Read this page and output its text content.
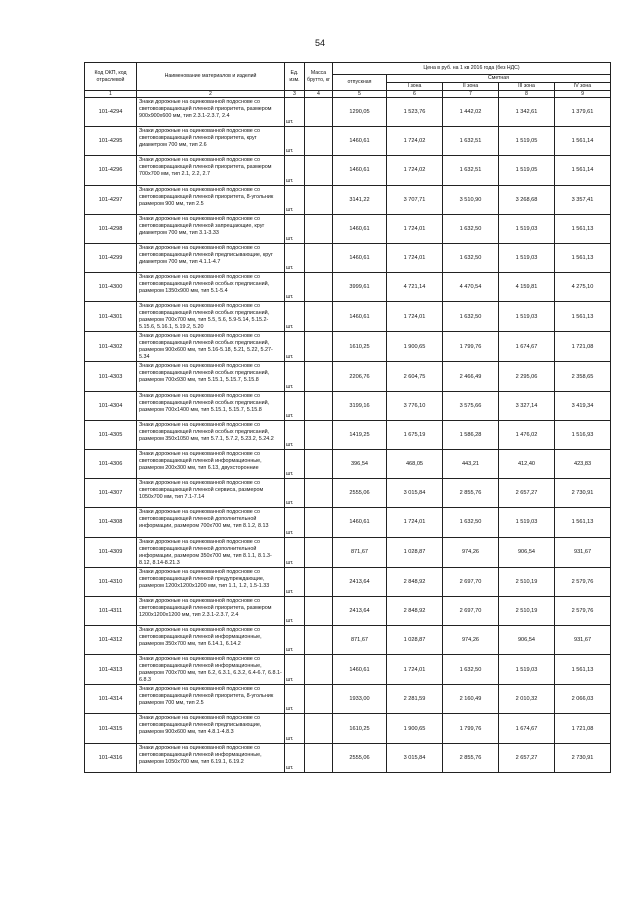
54
Код ОКП, код отраслевой	Наименование материалов и изделий	Ед. изм.	Масса брутто, кг	Цена в руб. на 1 кв 2016 года (без НДС)				
				отпускная	Сметная			
					I зона	II зона	III зона	IV зона
1	2	3	4	5	6	7	8	9
101-4294	Знаки дорожные на оцинкованной подоснове со световозвращающей пленкой приоритета, размером 900х900х600 мм, тип 2.3.1-2.3.7, 2.4	шт.		1290,05	1 523,76	1 442,02	1 342,61	1 379,61
101-4295	Знаки дорожные на оцинкованной подоснове со световозвращающей пленкой приоритета, круг диаметром 700 мм, тип 2.6	шт.		1460,61	1 724,02	1 632,51	1 519,05	1 561,14
101-4296	Знаки дорожные на оцинкованной подоснове со световозвращающей пленкой приоритета, размером 700х700 мм, тип 2.1, 2.2, 2.7	шт.		1460,61	1 724,02	1 632,51	1 519,05	1 561,14
101-4297	Знаки дорожные на оцинкованной подоснове со световозвращающей пленкой приоритета, 8-угольник размером 900 мм, тип 2.5	шт.		3141,22	3 707,71	3 510,90	3 268,68	3 357,41
101-4298	Знаки дорожные на оцинкованной подоснове со световозвращающей пленкой запрещающие, круг диаметром 700 мм, тип 3.1-3.33	шт.		1460,61	1 724,01	1 632,50	1 519,03	1 561,13
101-4299	Знаки дорожные на оцинкованной подоснове со световозвращающей пленкой предписывающие, круг диаметром 700 мм, тип 4.1.1-4.7	шт.		1460,61	1 724,01	1 632,50	1 519,03	1 561,13
101-4300	Знаки дорожные на оцинкованной подоснове со световозвращающей пленкой особых предписаний, размером 1350х900 мм, тип 5.1-5.4	шт.		3999,61	4 721,14	4 470,54	4 159,81	4 275,10
101-4301	Знаки дорожные на оцинкованной подоснове со световозвращающей пленкой особых предписаний, размером 700х700 мм, тип 5.5, 5.6, 5.9-5.14, 5.15.2-5.15.6, 5.16.1, 5.19.2, 5.20	шт.		1460,61	1 724,01	1 632,50	1 519,03	1 561,13
101-4302	Знаки дорожные на оцинкованной подоснове со световозвращающей пленкой особых предписаний, размером 900х600 мм, тип 5.16-5.18, 5.21, 5.22, 5.27-5.34	шт.		1610,25	1 900,65	1 799,76	1 674,67	1 721,08
101-4303	Знаки дорожные на оцинкованной подоснове со световозвращающей пленкой особых предписаний, размером 700х930 мм, тип 5.15.1, 5.15.7, 5.15.8	шт.		2206,76	2 604,75	2 466,49	2 295,06	2 358,65
101-4304	Знаки дорожные на оцинкованной подоснове со световозвращающей пленкой особых предписаний, размером 700х1400 мм, тип 5.15.1, 5.15.7, 5.15.8	шт.		3199,16	3 776,10	3 575,66	3 327,14	3 419,34
101-4305	Знаки дорожные на оцинкованной подоснове со световозвращающей пленкой особых предписаний, размером 350х1050 мм, тип 5.7.1, 5.7.2, 5.23.2, 5.24.2	шт.		1419,25	1 675,19	1 586,28	1 476,02	1 516,93
101-4306	Знаки дорожные на оцинкованной подоснове со световозвращающей пленкой информационные, размером 200х300 мм, тип 6.13, двухсторонние	шт.		396,54	468,05	443,21	412,40	423,83
101-4307	Знаки дорожные на оцинкованной подоснове со световозвращающей пленкой сервиса, размером 1050х700 мм, тип 7.1-7.14	шт.		2555,06	3 015,84	2 855,76	2 657,27	2 730,91
101-4308	Знаки дорожные на оцинкованной подоснове со световозвращающей пленкой дополнительной информации, размером 700х700 мм, тип 8.1.2, 8.13	шт.		1460,61	1 724,01	1 632,50	1 519,03	1 561,13
101-4309	Знаки дорожные на оцинкованной подоснове со световозвращающей пленкой дополнительной информации, размером 350х700 мм, тип 8.1.1, 8.1.3-8.12, 8.14-8.21.3	шт.		871,67	1 028,87	974,26	906,54	931,67
101-4310	Знаки дорожные на оцинкованной подоснове со световозвращающей пленкой предупреждающие, размером 1200х1200х1200 мм, тип 1.1, 1.2, 1.5-1.33	шт.		2413,64	2 848,92	2 697,70	2 510,19	2 579,76
101-4311	Знаки дорожные на оцинкованной подоснове со световозвращающей пленкой приоритета, размером 1200х1200х1200 мм, тип 2.3.1-2.3.7, 2.4	шт.		2413,64	2 848,92	2 697,70	2 510,19	2 579,76
101-4312	Знаки дорожные на оцинкованной подоснове со световозвращающей пленкой информационные, размером 350х700 мм, тип 6.14.1, 6.14.2	шт.		871,67	1 028,87	974,26	906,54	931,67
101-4313	Знаки дорожные на оцинкованной подоснове со световозвращающей пленкой информационные, размером 700х700 мм, тип 6.2, 6.3.1, 6.3.2, 6.4-6.7, 6.8.1-6.8.3	шт.		1460,61	1 724,01	1 632,50	1 519,03	1 561,13
101-4314	Знаки дорожные на оцинкованной подоснове со световозвращающей пленкой приоритета, 8-угольник размером 700 мм, тип 2.5	шт.		1933,00	2 281,59	2 160,49	2 010,32	2 066,03
101-4315	Знаки дорожные на оцинкованной подоснове со световозвращающей пленкой предписывающие, размером 900х600 мм, тип 4.8.1-4.8.3	шт.		1610,25	1 900,65	1 799,76	1 674,67	1 721,08
101-4316	Знаки дорожные на оцинкованной подоснове со световозвращающей пленкой информационные, размером 1050х700 мм, тип 6.19.1, 6.19.2	шт.		2555,06	3 015,84	2 855,76	2 657,27	2 730,91
